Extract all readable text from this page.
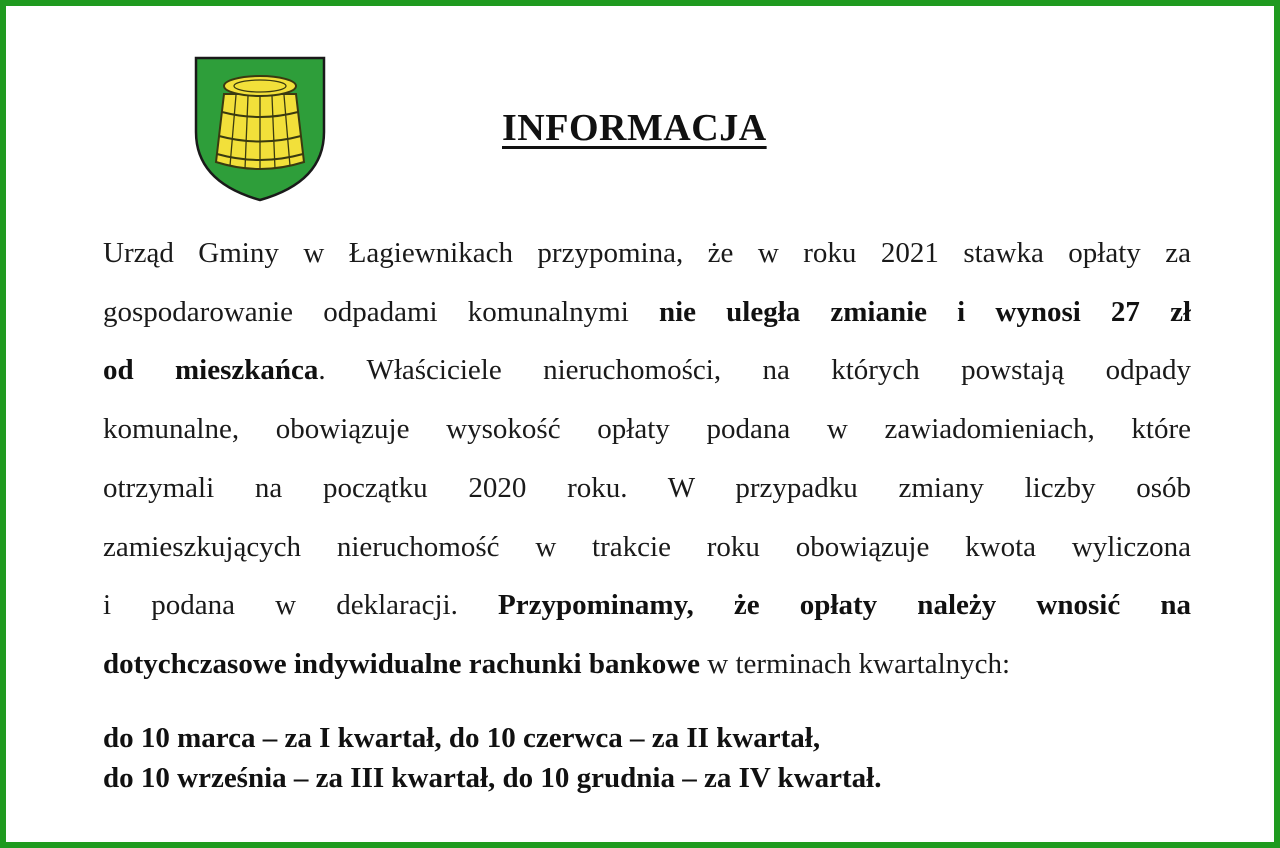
INFORMACJA
Urząd Gminy w Łagiewnikach przypomina, że w roku 2021 stawka opłaty za
gospodarowanie odpadami komunalnymi nie uległa zmianie i wynosi 27 zł
od mieszkańca. Właściciele nieruchomości, na których powstają odpady
komunalne, obowiązuje wysokość opłaty podana w zawiadomieniach, które
otrzymali na początku 2020 roku. W przypadku zmiany liczby osób
zamieszkujących nieruchomość w trakcie roku obowiązuje kwota wyliczona
i podana w deklaracji. Przypominamy, że opłaty należy wnosić na
dotychczasowe indywidualne rachunki bankowe w terminach kwartalnych:
do 10 marca – za I kwartał, do 10 czerwca – za II kwartał,
do 10 września – za III kwartał, do 10 grudnia – za IV kwartał.
